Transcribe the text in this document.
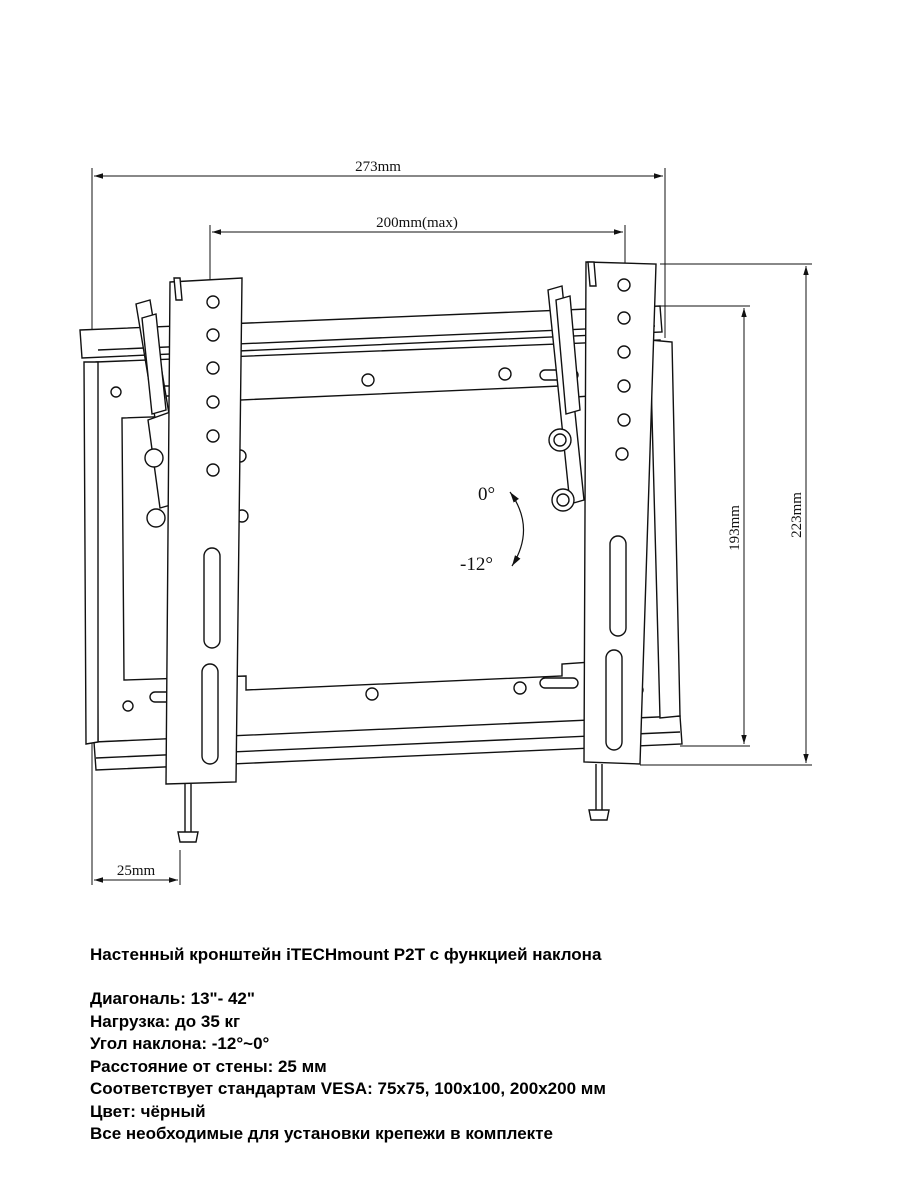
273mm
200mm(max)
223mm
193mm
25mm
0°
-12°

Настенный кронштейн iTECHmount P2T с функцией наклона

Диагональ: 13"- 42"

Нагрузка: до 35 кг

Угол наклона: -12°~0°

Расстояние от стены: 25 мм

Соответствует стандартам VESA: 75x75, 100x100, 200x200 мм

Цвет: чёрный

Все необходимые для установки крепежи в комплекте
